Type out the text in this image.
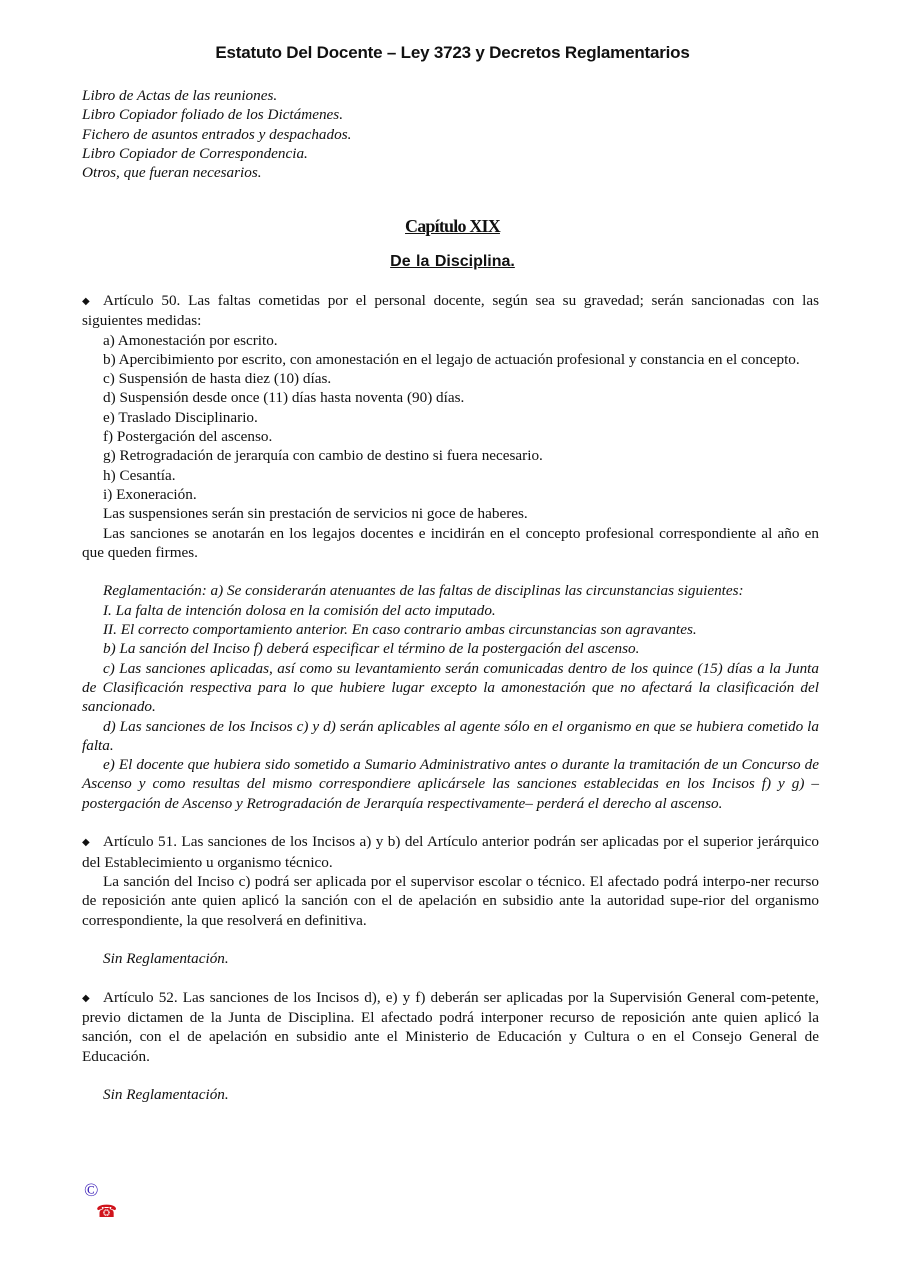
Estatuto Del Docente – Ley 3723 y Decretos Reglamentarios

Libro de Actas de las reuniones.

Libro Copiador foliado de los Dictámenes.

Fichero de asuntos entrados y despachados.

Libro Copiador de Correspondencia.

Otros, que fueran necesarios.

Capítulo XIX
De la Disciplina.

◆ Artículo 50. Las faltas cometidas por el personal docente, según sea su gravedad; serán sancionadas con las siguientes medidas:

a) Amonestación por escrito.

b) Apercibimiento por escrito, con amonestación en el legajo de actuación profesional y constancia en el concepto.

c) Suspensión de hasta diez (10) días.

d) Suspensión desde once (11) días hasta noventa (90) días.

e) Traslado Disciplinario.

f) Postergación del ascenso.

g) Retrogradación de jerarquía con cambio de destino si fuera necesario.

h) Cesantía.

i) Exoneración.

Las suspensiones serán sin prestación de servicios ni goce de haberes.

Las sanciones se anotarán en los legajos docentes e incidirán en el concepto profesional correspondiente al año en que queden firmes.

Reglamentación: a) Se considerarán atenuantes de las faltas de disciplinas las circunstancias siguientes:

I. La falta de intención dolosa en la comisión del acto imputado.

II. El correcto comportamiento anterior. En caso contrario ambas circunstancias son agravantes.

b) La sanción del Inciso f) deberá especificar el término de la postergación del ascenso.

c) Las sanciones aplicadas, así como su levantamiento serán comunicadas dentro de los quince (15) días a la Junta de Clasificación respectiva para lo que hubiere lugar excepto la amonestación que no afectará la clasificación del sancionado.

d) Las sanciones de los Incisos c) y d) serán aplicables al agente sólo en el organismo en que se hubiera cometido la falta.

e) El docente que hubiera sido sometido a Sumario Administrativo antes o durante la tramitación de un Concurso de Ascenso y como resultas del mismo correspondiere aplicársele las sanciones establecidas en los Incisos f) y g) –postergación de Ascenso y Retrogradación de Jerarquía respectivamente– perderá el derecho al ascenso.

◆ Artículo 51. Las sanciones de los Incisos a) y b) del Artículo anterior podrán ser aplicadas por el superior jerárquico del Establecimiento u organismo técnico.

La sanción del Inciso c) podrá ser aplicada por el supervisor escolar o técnico. El afectado podrá interpo-ner recurso de reposición ante quien aplicó la sanción con el de apelación en subsidio ante la autoridad supe-rior del organismo correspondiente, la que resolverá en definitiva.

Sin Reglamentación.

◆ Artículo 52. Las sanciones de los Incisos d), e) y f) deberán ser aplicadas por la Supervisión General com-petente, previo dictamen de la Junta de Disciplina. El afectado podrá interponer recurso de reposición ante quien aplicó la sanción, con el de apelación en subsidio ante el Ministerio de Educación y Cultura o en el Consejo General de Educación.

Sin Reglamentación.

©
☎
